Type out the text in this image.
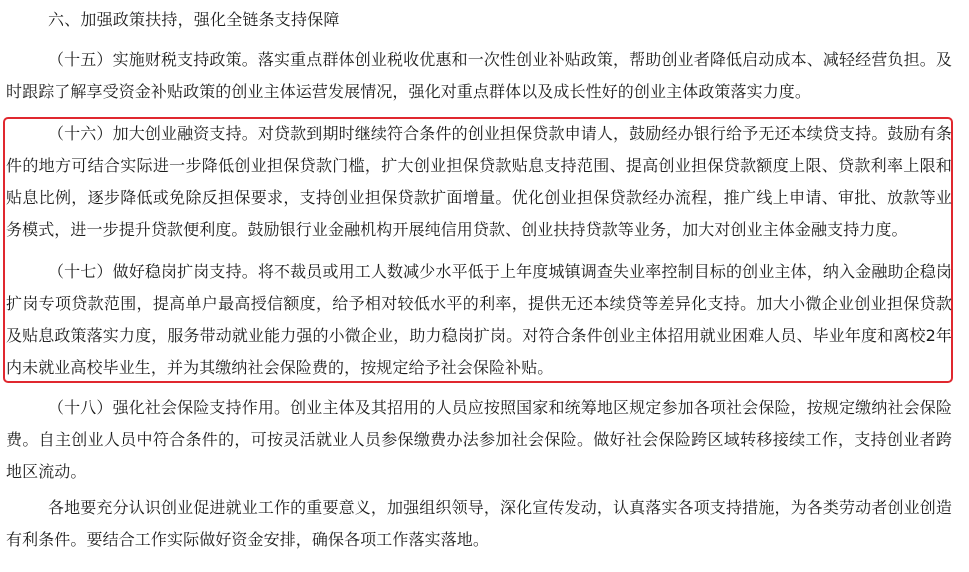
六、加强政策扶持，强化全链条支持保障

（十五）实施财税支持政策。落实重点群体创业税收优惠和一次性创业补贴政策，帮助创业者降低启动成本、减轻经营负担。及时跟踪了解享受资金补贴政策的创业主体运营发展情况，强化对重点群体以及成长性好的创业主体政策落实力度。

（十六）加大创业融资支持。对贷款到期时继续符合条件的创业担保贷款申请人，鼓励经办银行给予无还本续贷支持。鼓励有条件的地方可结合实际进一步降低创业担保贷款门槛，扩大创业担保贷款贴息支持范围、提高创业担保贷款额度上限、贷款利率上限和贴息比例，逐步降低或免除反担保要求，支持创业担保贷款扩面增量。优化创业担保贷款经办流程，推广线上申请、审批、放款等业务模式，进一步提升贷款便利度。鼓励银行业金融机构开展纯信用贷款、创业扶持贷款等业务，加大对创业主体金融支持力度。

（十七）做好稳岗扩岗支持。将不裁员或用工人数减少水平低于上年度城镇调查失业率控制目标的创业主体，纳入金融助企稳岗扩岗专项贷款范围，提高单户最高授信额度，给予相对较低水平的利率，提供无还本续贷等差异化支持。加大小微企业创业担保贷款及贴息政策落实力度，服务带动就业能力强的小微企业，助力稳岗扩岗。对符合条件创业主体招用就业困难人员、毕业年度和离校2年内未就业高校毕业生，并为其缴纳社会保险费的，按规定给予社会保险补贴。

（十八）强化社会保险支持作用。创业主体及其招用的人员应按照国家和统筹地区规定参加各项社会保险，按规定缴纳社会保险费。自主创业人员中符合条件的，可按灵活就业人员参保缴费办法参加社会保险。做好社会保险跨区域转移接续工作，支持创业者跨地区流动。

各地要充分认识创业促进就业工作的重要意义，加强组织领导，深化宣传发动，认真落实各项支持措施，为各类劳动者创业创造有利条件。要结合工作实际做好资金安排，确保各项工作落实落地。
